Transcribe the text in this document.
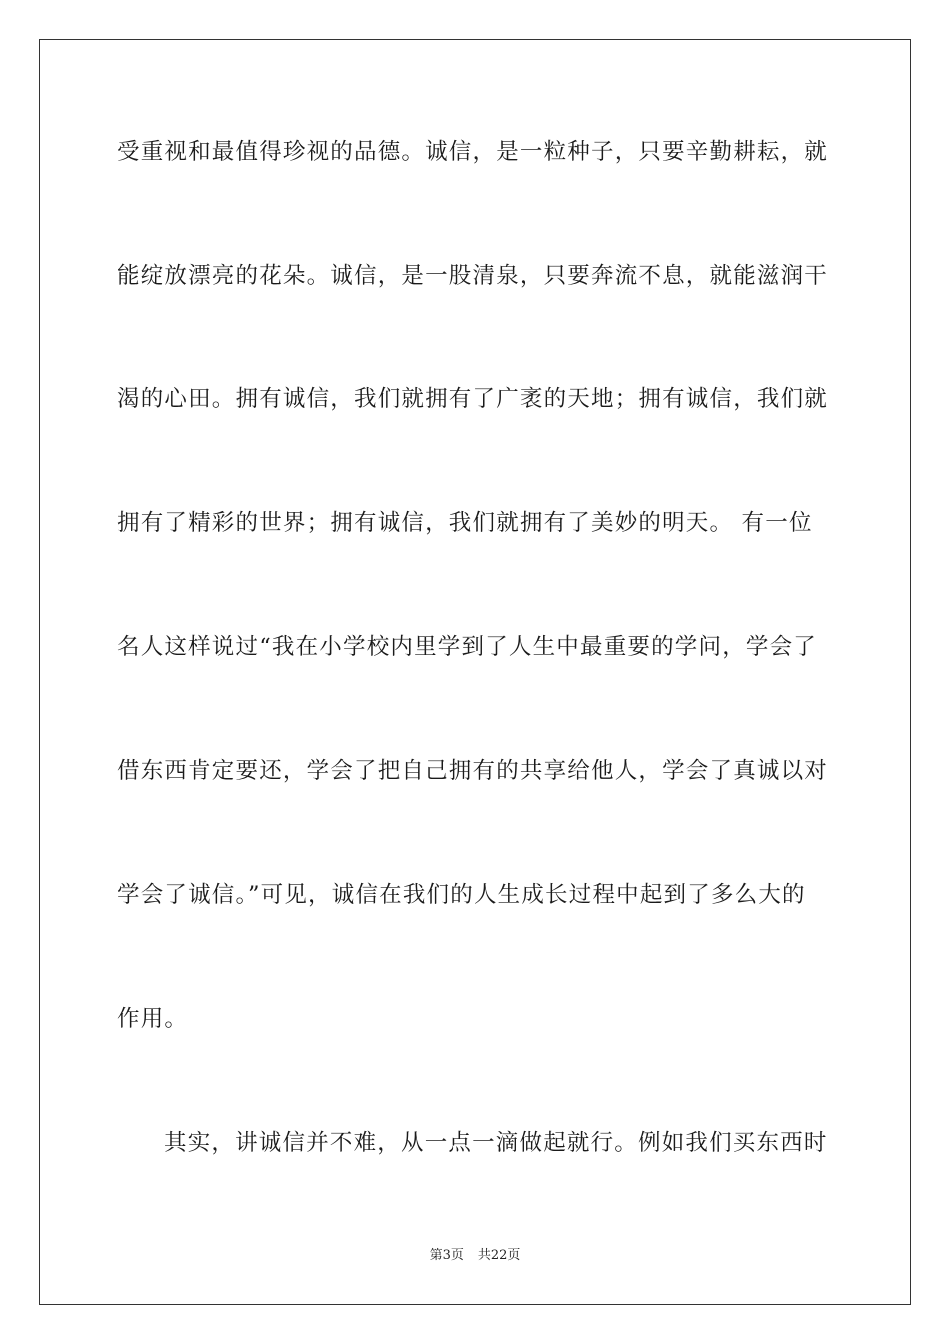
受重视和最值得珍视的品德。诚信，是一粒种子，只要辛勤耕耘，就
能绽放漂亮的花朵。诚信，是一股清泉，只要奔流不息，就能滋润干
渴的心田。拥有诚信，我们就拥有了广袤的天地；拥有诚信，我们就
拥有了精彩的世界；拥有诚信，我们就拥有了美妙的明天。 有一位
名人这样说过“我在小学校内里学到了人生中最重要的学问，学会了
借东西肯定要还，学会了把自己拥有的共享给他人，学会了真诚以对
学会了诚信。”可见，诚信在我们的人生成长过程中起到了多么大的
作用。
其实，讲诚信并不难，从一点一滴做起就行。例如我们买东西时
第3页 共22页
